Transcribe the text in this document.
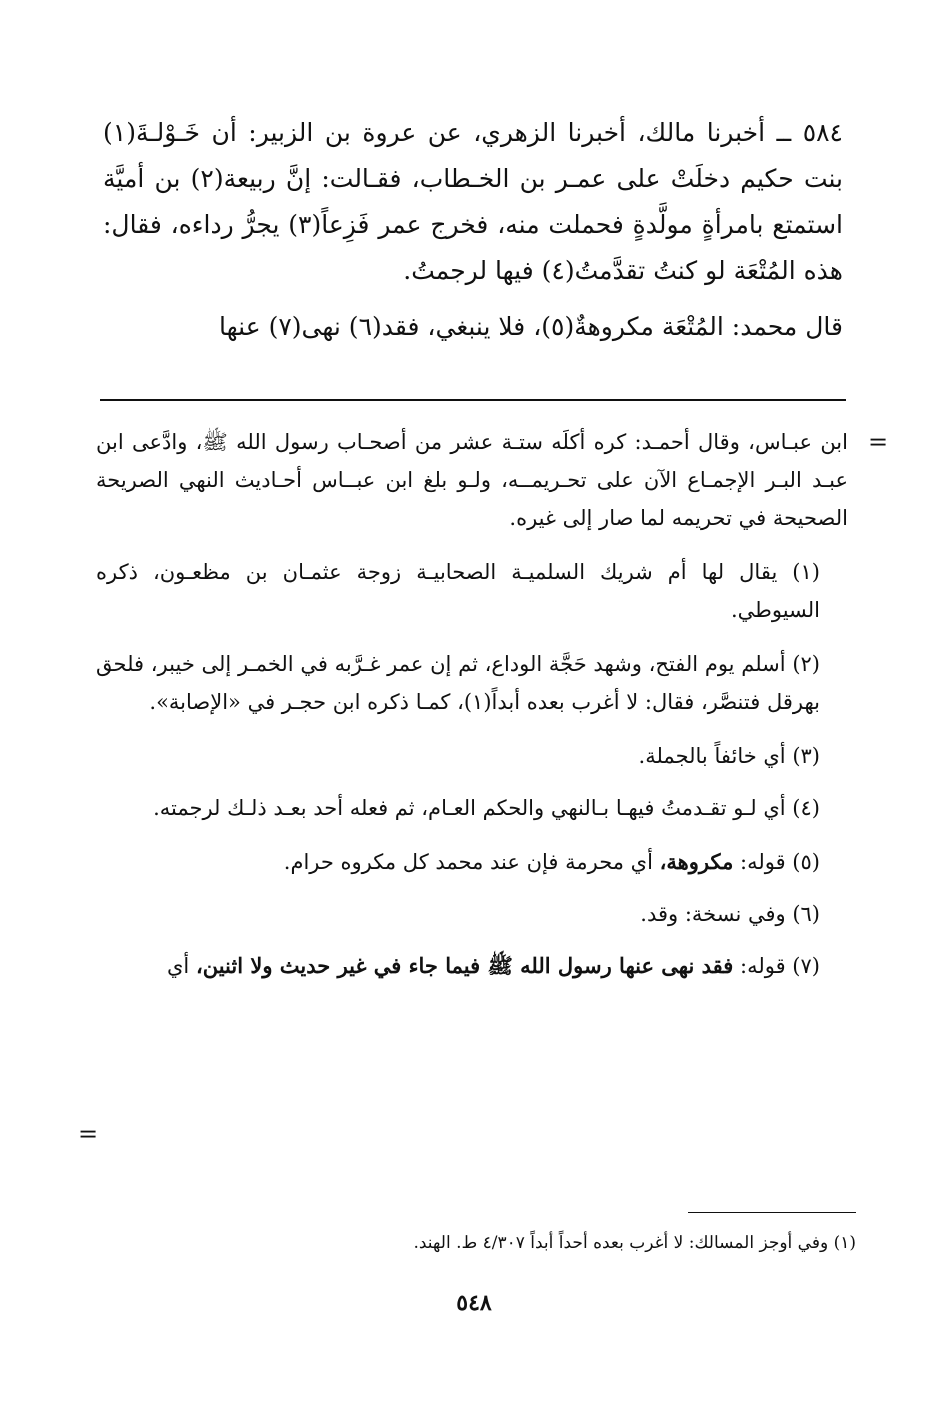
٥٨٤ ــ أخبرنا مالك، أخبرنا الزهري، عن عروة بن الزبير: أن خَـوْلـةَ(١) بنت حكيم دخلَتْ على عمـر بن الخـطاب، فقـالت: إنَّ ربيعة(٢) بن أميَّة استمتع بامرأةٍ مولَّدةٍ فحملت منه، فخرج عمر فَزِعاً(٣) يجرُّ رداءه، فقال: هذه المُتْعَة لو كنتُ تقدَّمتُ(٤) فيها لرجمتُ.

قال محمد: المُتْعَة مكروهةٌ(٥)، فلا ينبغي، فقد(٦) نهى(٧) عنها

=

ابن عبـاس، وقال أحمـد: كره أكلَه ستـة عشر من أصحـاب رسول الله ﷺ، وادَّعى ابن عبـد البـر الإجمـاع الآن على تحـريمــه، ولـو بلغ ابن عبــاس أحـاديث النهي الصريحة الصحيحة في تحريمه لما صار إلى غيره.

(١) يقال لها أم شريك السلميـة الصحابيـة زوجة عثمـان بن مظعـون، ذكره السيوطي.

(٢) أسلم يوم الفتح، وشهد حَجَّة الوداع، ثم إن عمر غـرَّبه في الخمـر إلى خيبر، فلحق بهرقل فتنصَّر، فقال: لا أغرب بعده أبداً(١)، كمـا ذكره ابن حجـر في «الإصابة».

(٣) أي خائفاً بالجملة.

(٤) أي لـو تقـدمتُ فيهـا بـالنهي والحكم العـام، ثم فعله أحد بعـد ذلـك لرجمته.

(٥) قوله: مكروهة، أي محرمة فإن عند محمد كل مكروه حرام.

(٦) وفي نسخة: وقد.

(٧) قوله: فقد نهى عنها رسول الله ﷺ فيما جاء في غير حديث ولا اثنين، أي

=
(١) وفي أوجز المسالك: لا أغرب بعده أحداً أبداً ٤/٣٠٧ ط. الهند.
٥٤٨
